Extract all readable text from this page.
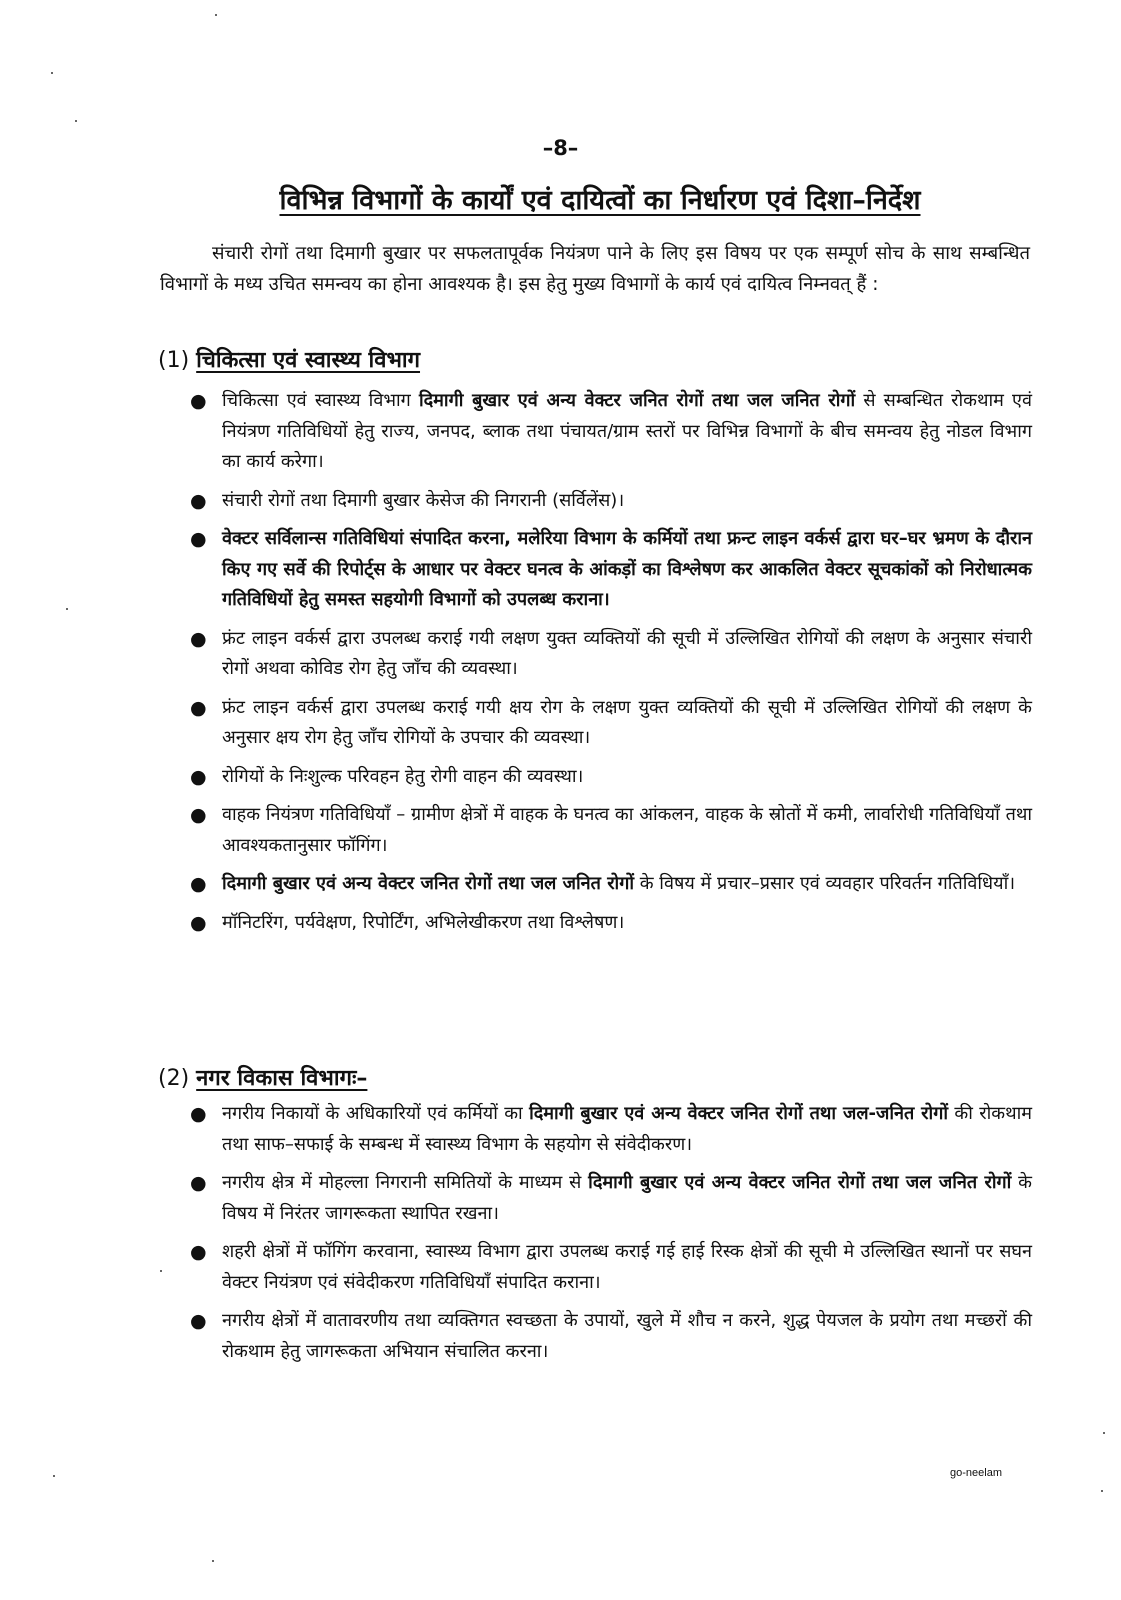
–8–
विभिन्न विभागों के कार्यों एवं दायित्वों का निर्धारण एवं दिशा–निर्देश

संचारी रोगों तथा दिमागी बुखार पर सफलतापूर्वक नियंत्रण पाने के लिए इस विषय पर एक सम्पूर्ण सोच के साथ सम्बन्धित विभागों के मध्य उचित समन्वय का होना आवश्यक है। इस हेतु मुख्य विभागों के कार्य एवं दायित्व निम्नवत् हैं :

(1) चिकित्सा एवं स्वास्थ्य विभाग
● चिकित्सा एवं स्वास्थ्य विभाग दिमागी बुखार एवं अन्य वेक्टर जनित रोगों तथा जल जनित रोगों से सम्बन्धित रोकथाम एवं नियंत्रण गतिविधियों हेतु राज्य, जनपद, ब्लाक तथा पंचायत/ग्राम स्तरों पर विभिन्न विभागों के बीच समन्वय हेतु नोडल विभाग का कार्य करेगा।
● संचारी रोगों तथा दिमागी बुखार केसेज की निगरानी (सर्विलेंस)।
● वेक्टर सर्विलान्स गतिविधियां संपादित करना, मलेरिया विभाग के कर्मियों तथा फ्रन्ट लाइन वर्कर्स द्वारा घर–घर भ्रमण के दौरान किए गए सर्वे की रिपोर्ट्स के आधार पर वेक्टर घनत्व के आंकड़ों का विश्लेषण कर आकलित वेक्टर सूचकांकों को निरोधात्मक गतिविधियों हेतु समस्त सहयोगी विभागों को उपलब्ध कराना।
● फ्रंट लाइन वर्कर्स द्वारा उपलब्ध कराई गयी लक्षण युक्त व्यक्तियों की सूची में उल्लिखित रोगियों की लक्षण के अनुसार संचारी रोगों अथवा कोविड रोग हेतु जाँच की व्यवस्था।
● फ्रंट लाइन वर्कर्स द्वारा उपलब्ध कराई गयी क्षय रोग के लक्षण युक्त व्यक्तियों की सूची में उल्लिखित रोगियों की लक्षण के अनुसार क्षय रोग हेतु जाँच रोगियों के उपचार की व्यवस्था।
● रोगियों के निःशुल्क परिवहन हेतु रोगी वाहन की व्यवस्था।
● वाहक नियंत्रण गतिविधियाँ – ग्रामीण क्षेत्रों में वाहक के घनत्व का आंकलन, वाहक के स्रोतों में कमी, लार्वारोधी गतिविधियाँ तथा आवश्यकतानुसार फॉगिंग।
● दिमागी बुखार एवं अन्य वेक्टर जनित रोगों तथा जल जनित रोगों के विषय में प्रचार–प्रसार एवं व्यवहार परिवर्तन गतिविधियाँ।
● मॉनिटरिंग, पर्यवेक्षण, रिपोर्टिंग, अभिलेखीकरण तथा विश्लेषण।
(2) नगर विकास विभागः–
● नगरीय निकायों के अधिकारियों एवं कर्मियों का दिमागी बुखार एवं अन्य वेक्टर जनित रोगों तथा जल-जनित रोगों की रोकथाम तथा साफ–सफाई के सम्बन्ध में स्वास्थ्य विभाग के सहयोग से संवेदीकरण।
● नगरीय क्षेत्र में मोहल्ला निगरानी समितियों के माध्यम से दिमागी बुखार एवं अन्य वेक्टर जनित रोगों तथा जल जनित रोगों के विषय में निरंतर जागरूकता स्थापित रखना।
● शहरी क्षेत्रों में फॉगिंग करवाना, स्वास्थ्य विभाग द्वारा उपलब्ध कराई गई हाई रिस्क क्षेत्रों की सूची मे उल्लिखित स्थानों पर सघन वेक्टर नियंत्रण एवं संवेदीकरण गतिविधियाँ संपादित कराना।
● नगरीय क्षेत्रों में वातावरणीय तथा व्यक्तिगत स्वच्छता के उपायों, खुले में शौच न करने, शुद्ध पेयजल के प्रयोग तथा मच्छरों की रोकथाम हेतु जागरूकता अभियान संचालित करना।
go-neelam
